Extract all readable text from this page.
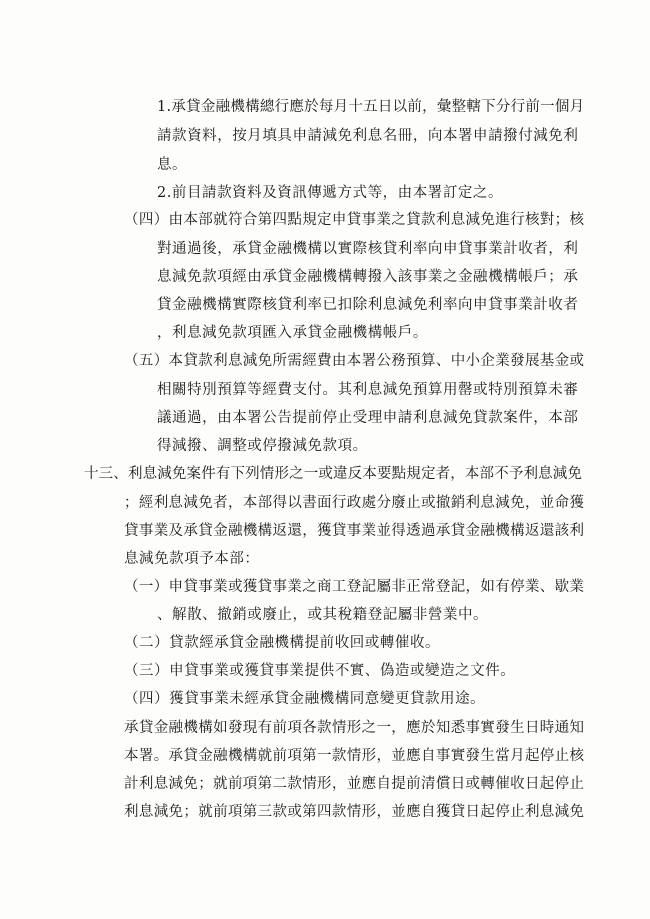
1.承貸金融機構總行應於每月十五日以前，彙整轄下分行前一個月
請款資料，按月填具申請減免利息名冊，向本署申請撥付減免利
息。
2.前目請款資料及資訊傳遞方式等，由本署訂定之。
（四）由本部就符合第四點規定申貸事業之貸款利息減免進行核對；核
對通過後，承貸金融機構以實際核貸利率向申貸事業計收者，利
息減免款項經由承貸金融機構轉撥入該事業之金融機構帳戶；承
貸金融機構實際核貸利率已扣除利息減免利率向申貸事業計收者
，利息減免款項匯入承貸金融機構帳戶。
（五）本貸款利息減免所需經費由本署公務預算、中小企業發展基金或
相關特別預算等經費支付。其利息減免預算用罄或特別預算未審
議通過，由本署公告提前停止受理申請利息減免貸款案件，本部
得減撥、調整或停撥減免款項。
十三、利息減免案件有下列情形之一或違反本要點規定者，本部不予利息減免
；經利息減免者，本部得以書面行政處分廢止或撤銷利息減免，並命獲
貸事業及承貸金融機構返還，獲貸事業並得透過承貸金融機構返還該利
息減免款項予本部：
（一）申貸事業或獲貸事業之商工登記屬非正常登記，如有停業、歇業
、解散、撤銷或廢止，或其稅籍登記屬非營業中。
（二）貸款經承貸金融機構提前收回或轉催收。
（三）申貸事業或獲貸事業提供不實、偽造或變造之文件。
（四）獲貸事業未經承貸金融機構同意變更貸款用途。
承貸金融機構如發現有前項各款情形之一，應於知悉事實發生日時通知
本署。承貸金融機構就前項第一款情形，並應自事實發生當月起停止核
計利息減免；就前項第二款情形，並應自提前清償日或轉催收日起停止
利息減免；就前項第三款或第四款情形，並應自獲貸日起停止利息減免
